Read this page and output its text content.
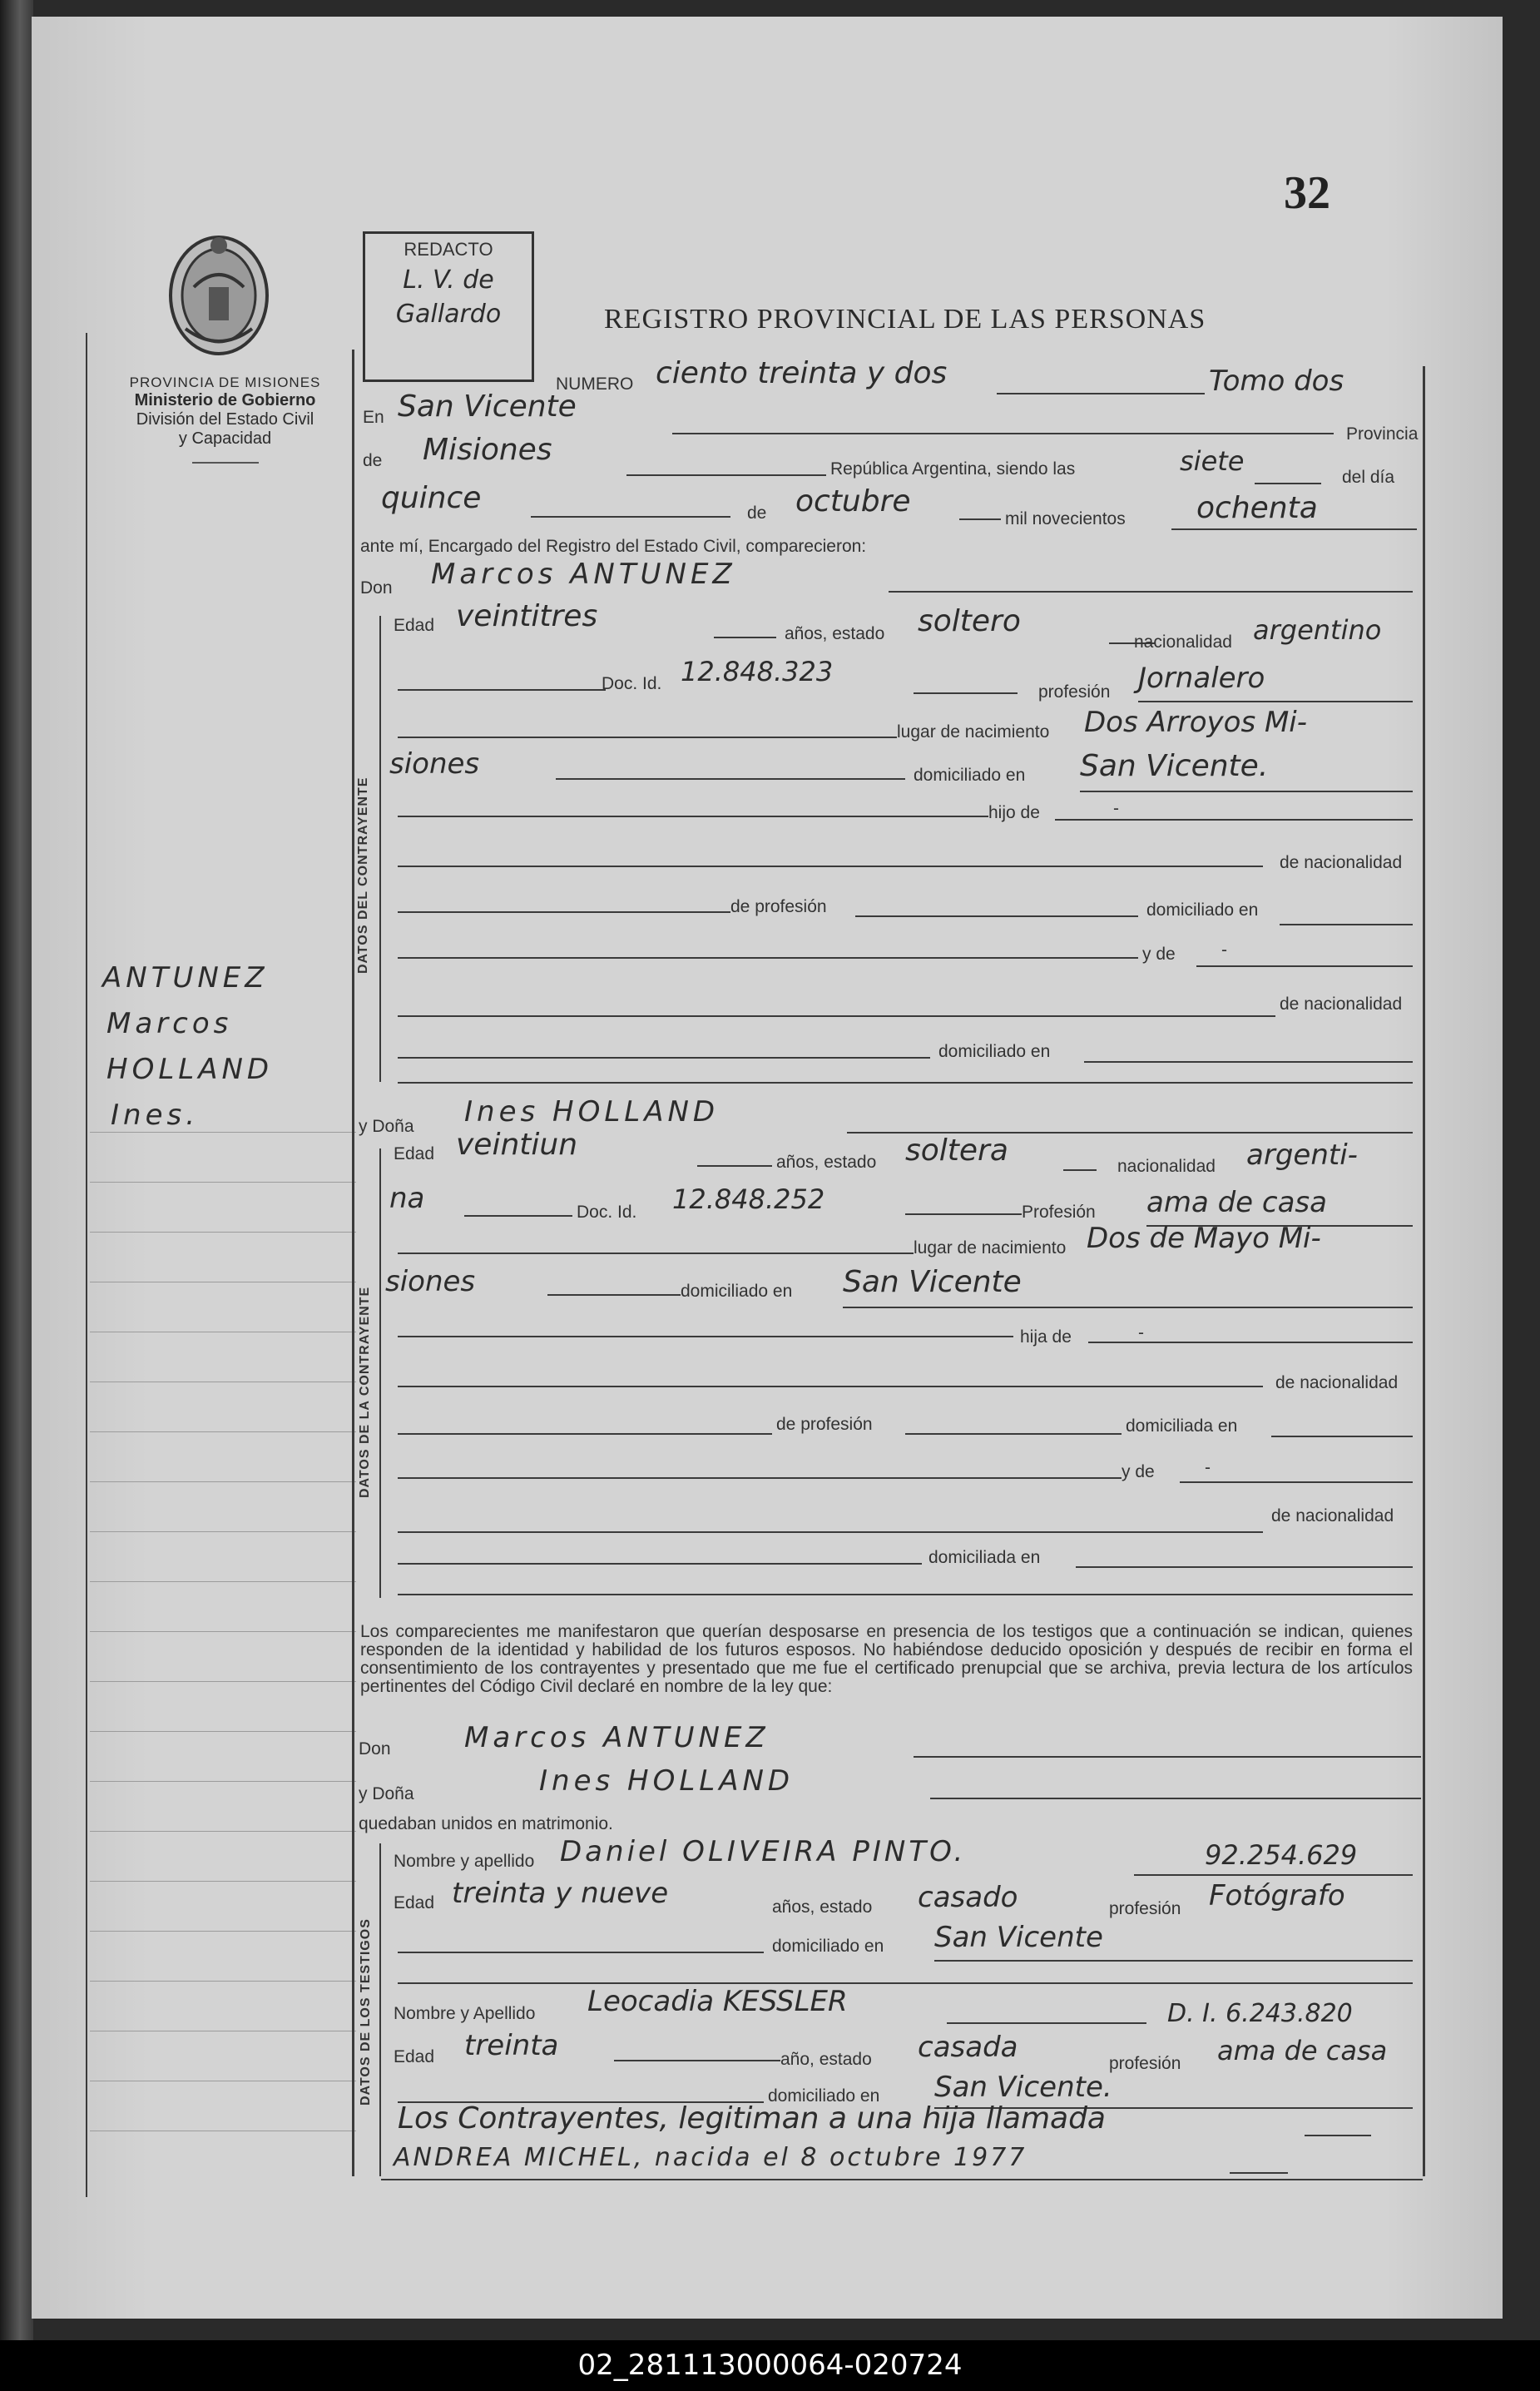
32
PROVINCIA DE MISIONES
Ministerio de Gobierno
División del Estado Civil
y Capacidad
REDACTO
L. V. de
Gallardo	REGISTRO PROVINCIAL DE LAS PERSONAS
NUMERO ciento treinta y dos	Tomo dos
En San Vicente
Provincia
de Misiones
República Argentina, siendo las	siete
del día
quince	de octubre
mil novecientos ochenta
ante mí, Encargado del Registro del Estado Civil, comparecieron:
ANTUNEZ
Marcos
HOLLAND
Ines.
Don Marcos ANTUNEZ
DATOS DEL CONTRAYENTE
Edad veintitres
años, estado soltero
nacionalidad argentino
Doc. Id. 12.848.323
profesión Jornalero
lugar de nacimiento Dos Arroyos Mi-
siones	domiciliado en San Vicente.
hijo de	-
de nacionalidad
de profesión	domiciliado en
y de	-
de nacionalidad
domiciliado en
y Doña Ines HOLLAND
DATOS DE LA CONTRAYENTE
Edad veintiun
años, estado soltera	nacionalidad argenti-
na	Doc. Id. 12.848.252	Profesión ama de casa
lugar de nacimiento Dos de Mayo Mi-
siones	domiciliado en San Vicente
hija de	-
de nacionalidad
de profesión	domiciliada en
y de	-
de nacionalidad
domiciliada en
Los comparecientes me manifestaron que querían desposarse en presencia de los testigos que a continuación se indican, quienes responden de la identidad y habilidad de los futuros esposos. No habiéndose deducido oposición y después de recibir en forma el consentimiento de los contrayentes y presentado que me fue el certificado prenupcial que se archiva, previa lectura de los artículos pertinentes del Código Civil declaré en nombre de la ley que:
Don	Marcos ANTUNEZ
y Doña	Ines HOLLAND
quedaban unidos en matrimonio.
DATOS DE LOS TESTIGOS
Nombre y apellido Daniel OLIVEIRA PINTO.	92.254.629
Edad treinta y nueve	años, estado casado	profesión Fotógrafo
domiciliado en San Vicente
Nombre y Apellido Leocadia KESSLER	D. I. 6.243.820
Edad treinta	año, estado casada	profesión ama de casa
domiciliado en San Vicente.
Los Contrayentes, legitiman a una hija llamada
ANDREA MICHEL, nacida el 8 octubre 1977
02_281113000064-020724
